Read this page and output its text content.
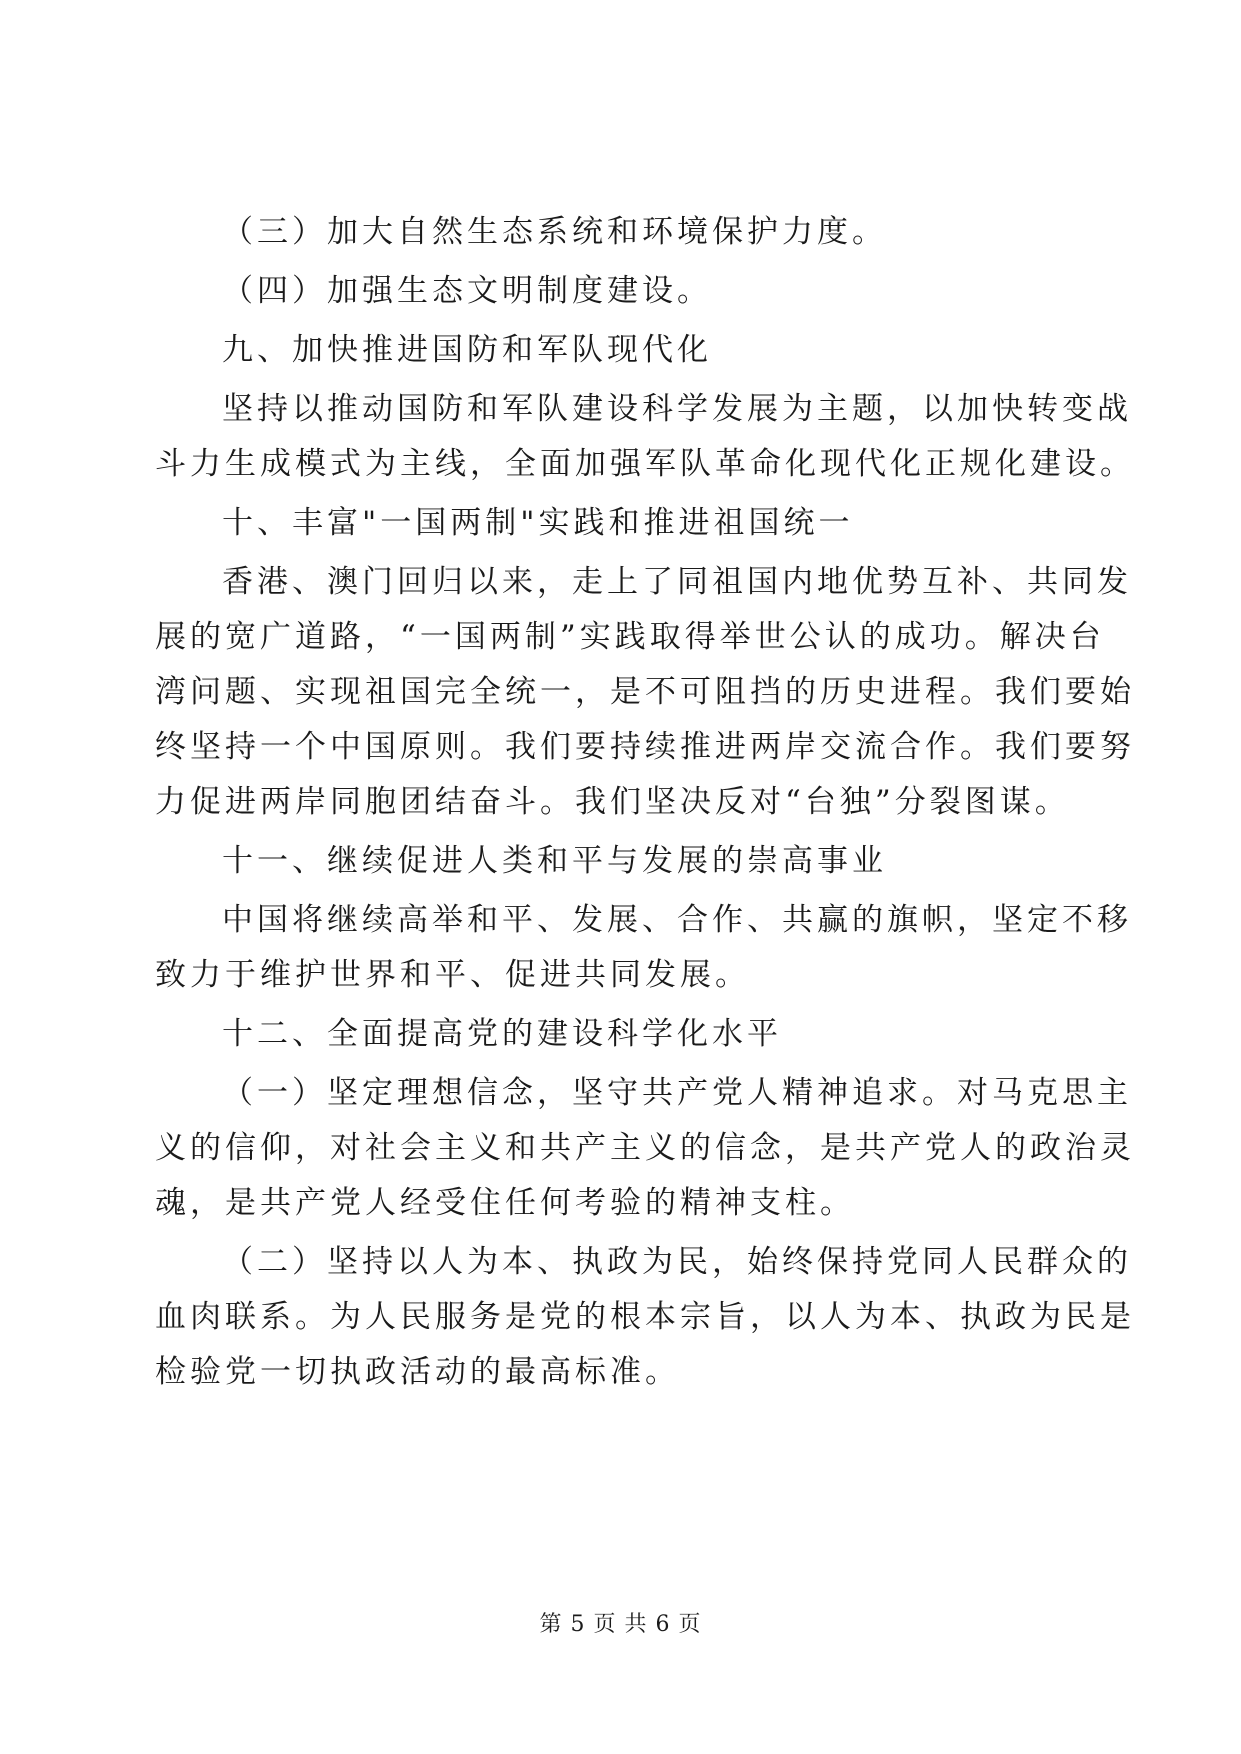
（三）加大自然生态系统和环境保护力度。
（四）加强生态文明制度建设。
九、加快推进国防和军队现代化
坚持以推动国防和军队建设科学发展为主题，以加快转变战
斗力生成模式为主线，全面加强军队革命化现代化正规化建设。
十、丰富"一国两制"实践和推进祖国统一
香港、澳门回归以来，走上了同祖国内地优势互补、共同发
展的宽广道路，“一国两制”实践取得举世公认的成功。解决台
湾问题、实现祖国完全统一，是不可阻挡的历史进程。我们要始
终坚持一个中国原则。我们要持续推进两岸交流合作。我们要努
力促进两岸同胞团结奋斗。我们坚决反对“台独”分裂图谋。
十一、继续促进人类和平与发展的崇高事业
中国将继续高举和平、发展、合作、共赢的旗帜，坚定不移
致力于维护世界和平、促进共同发展。
十二、全面提高党的建设科学化水平
（一）坚定理想信念，坚守共产党人精神追求。对马克思主
义的信仰，对社会主义和共产主义的信念，是共产党人的政治灵
魂，是共产党人经受住任何考验的精神支柱。
（二）坚持以人为本、执政为民，始终保持党同人民群众的
血肉联系。为人民服务是党的根本宗旨，以人为本、执政为民是
检验党一切执政活动的最高标准。
第 5 页 共 6 页
